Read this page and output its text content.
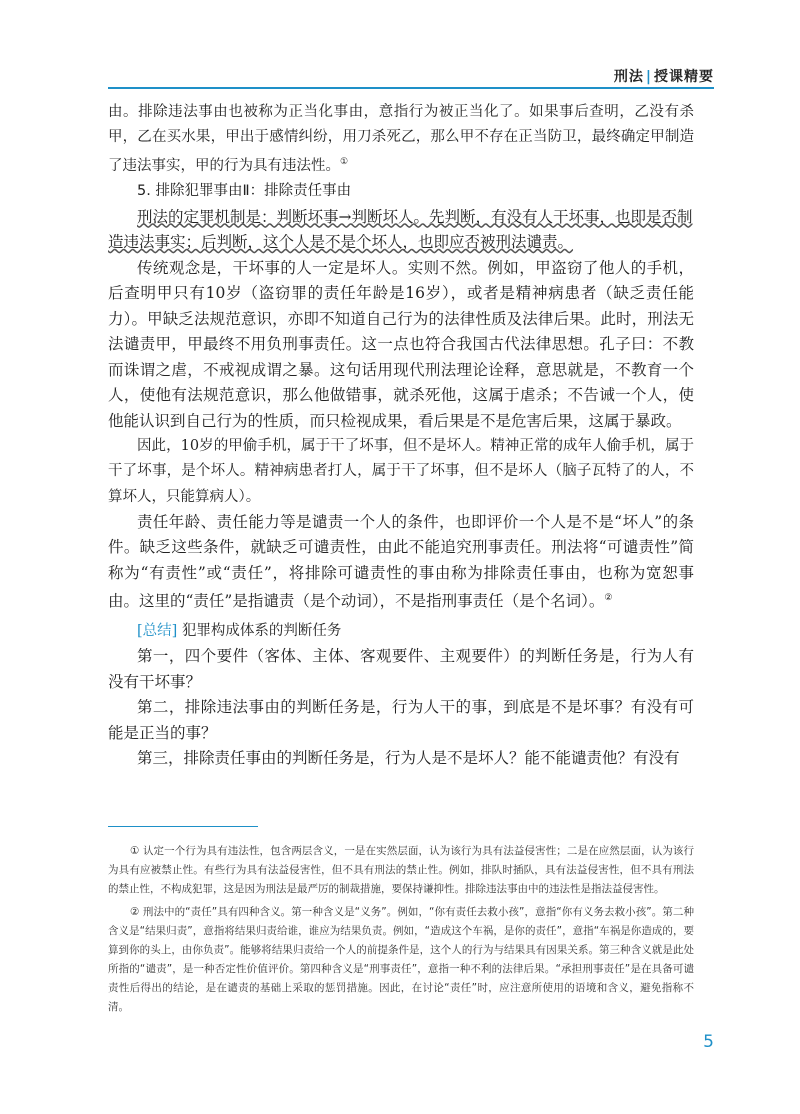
刑法 | 授课精要

由。排除违法事由也被称为正当化事由，意指行为被正当化了。如果事后查明，乙没有杀甲，乙在买水果，甲出于感情纠纷，用刀杀死乙，那么甲不存在正当防卫，最终确定甲制造了违法事实，甲的行为具有违法性。①

5. 排除犯罪事由Ⅱ：排除责任事由

刑法的定罪机制是：判断坏事→判断坏人。先判断，有没有人干坏事，也即是否制造违法事实；后判断，这个人是不是个坏人，也即应否被刑法谴责。

传统观念是，干坏事的人一定是坏人。实则不然。例如，甲盗窃了他人的手机，后查明甲只有10岁（盗窃罪的责任年龄是16岁），或者是精神病患者（缺乏责任能力）。甲缺乏法规范意识，亦即不知道自己行为的法律性质及法律后果。此时，刑法无法谴责甲，甲最终不用负刑事责任。这一点也符合我国古代法律思想。孔子曰：不教而诛谓之虐，不戒视成谓之暴。这句话用现代刑法理论诠释，意思就是，不教育一个人，使他有法规范意识，那么他做错事，就杀死他，这属于虐杀；不告诫一个人，使他能认识到自己行为的性质，而只检视成果，看后果是不是危害后果，这属于暴政。

因此，10岁的甲偷手机，属于干了坏事，但不是坏人。精神正常的成年人偷手机，属于干了坏事，是个坏人。精神病患者打人，属于干了坏事，但不是坏人（脑子瓦特了的人，不算坏人，只能算病人）。

责任年龄、责任能力等是谴责一个人的条件，也即评价一个人是不是“坏人”的条件。缺乏这些条件，就缺乏可谴责性，由此不能追究刑事责任。刑法将“可谴责性”简称为“有责性”或“责任”，将排除可谴责性的事由称为排除责任事由，也称为宽恕事由。这里的“责任”是指谴责（是个动词），不是指刑事责任（是个名词）。②

[总结] 犯罪构成体系的判断任务

第一，四个要件（客体、主体、客观要件、主观要件）的判断任务是，行为人有没有干坏事？

第二，排除违法事由的判断任务是，行为人干的事，到底是不是坏事？有没有可能是正当的事？

第三，排除责任事由的判断任务是，行为人是不是坏人？能不能谴责他？有没有

① 认定一个行为具有违法性，包含两层含义，一是在实然层面，认为该行为具有法益侵害性；二是在应然层面，认为该行为具有应被禁止性。有些行为具有法益侵害性，但不具有刑法的禁止性。例如，排队时插队，具有法益侵害性，但不具有刑法的禁止性，不构成犯罪，这是因为刑法是最严厉的制裁措施，要保持谦抑性。排除违法事由中的违法性是指法益侵害性。

② 刑法中的“责任”具有四种含义。第一种含义是“义务”。例如，“你有责任去救小孩”，意指“你有义务去救小孩”。第二种含义是“结果归责”，意指将结果归责给谁，谁应为结果负责。例如，“造成这个车祸，是你的责任”，意指“车祸是你造成的，要算到你的头上，由你负责”。能够将结果归责给一个人的前提条件是，这个人的行为与结果具有因果关系。第三种含义就是此处所指的“谴责”，是一种否定性价值评价。第四种含义是“刑事责任”，意指一种不利的法律后果。“承担刑事责任”是在具备可谴责性后得出的结论，是在谴责的基础上采取的惩罚措施。因此，在讨论“责任”时，应注意所使用的语境和含义，避免指称不清。

5
